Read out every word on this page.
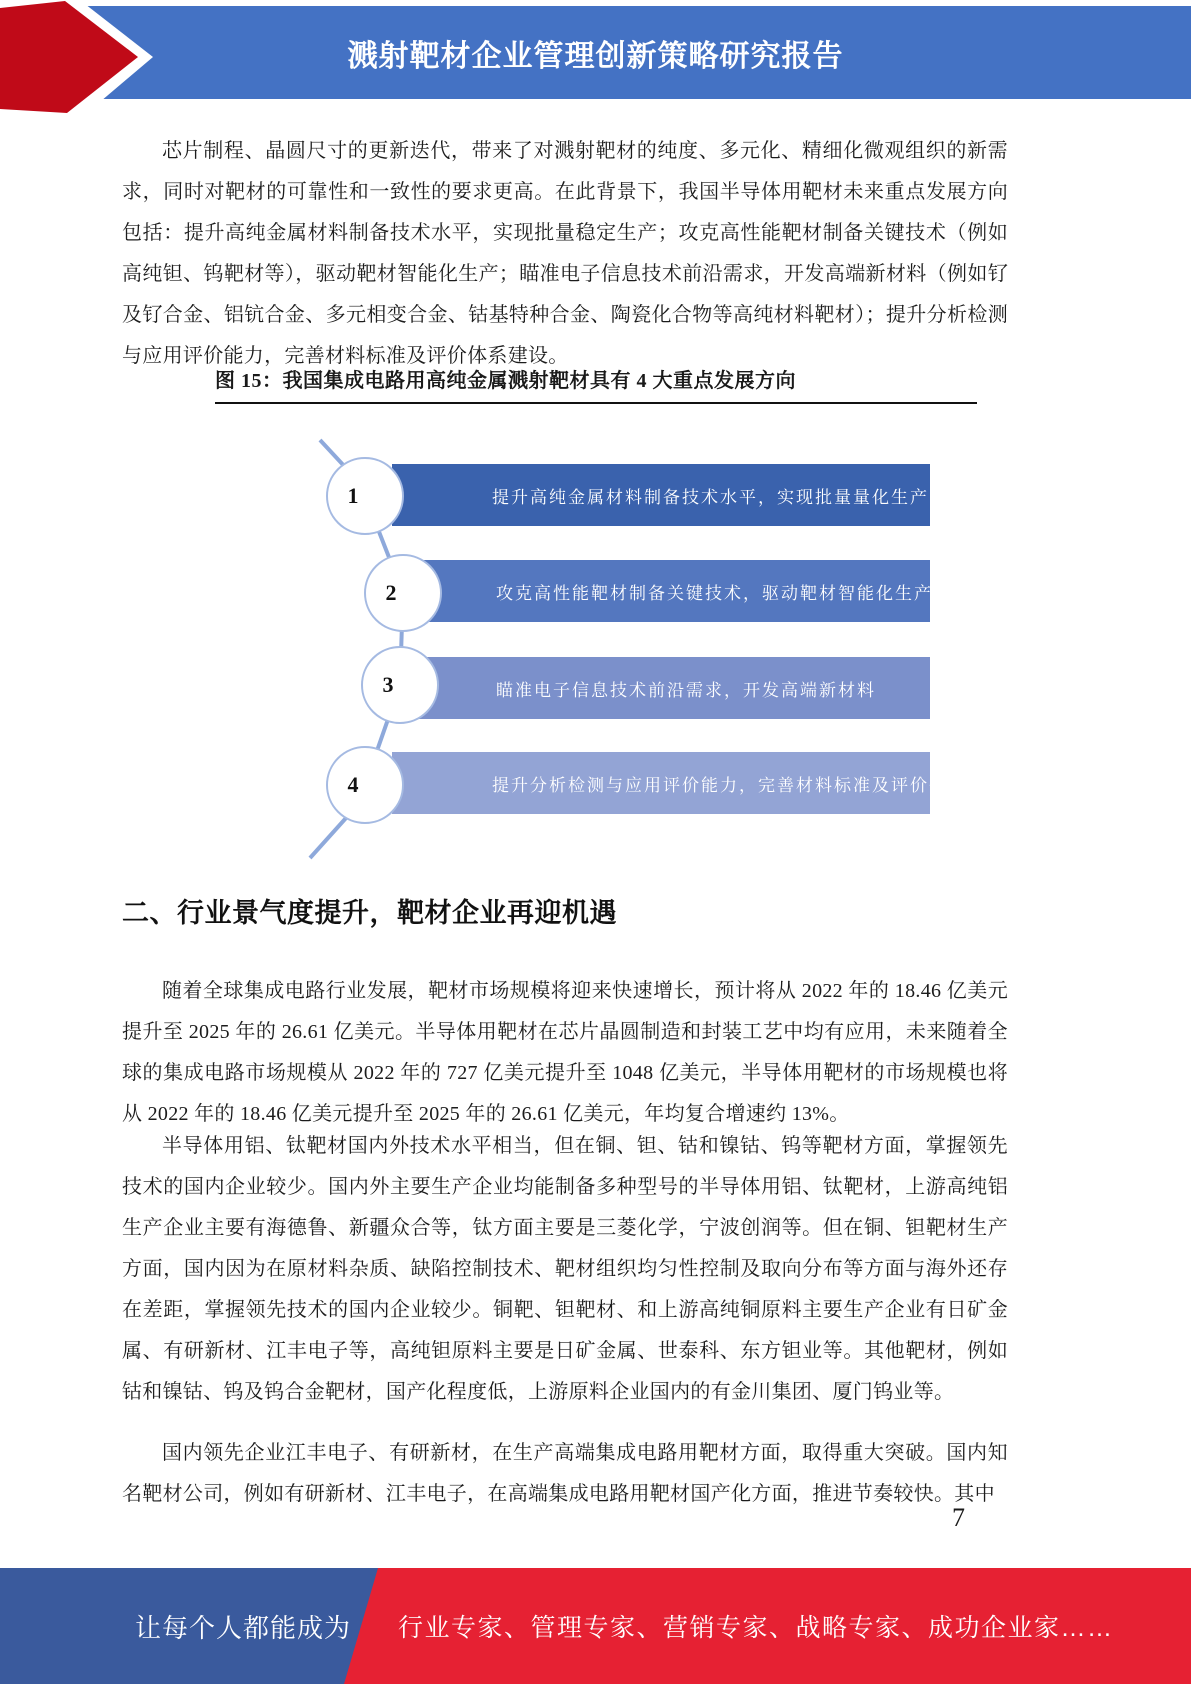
溅射靶材企业管理创新策略研究报告
芯片制程、晶圆尺寸的更新迭代，带来了对溅射靶材的纯度、多元化、精细化微观组织的新需求，同时对靶材的可靠性和一致性的要求更高。在此背景下，我国半导体用靶材未来重点发展方向包括：提升高纯金属材料制备技术水平，实现批量稳定生产；攻克高性能靶材制备关键技术（例如高纯钽、钨靶材等），驱动靶材智能化生产；瞄准电子信息技术前沿需求，开发高端新材料（例如钌及钌合金、铝钪合金、多元相变合金、钴基特种合金、陶瓷化合物等高纯材料靶材）；提升分析检测与应用评价能力，完善材料标准及评价体系建设。
图 15：我国集成电路用高纯金属溅射靶材具有 4 大重点发展方向
提升高纯金属材料制备技术水平，实现批量量化生产
攻克高性能靶材制备关键技术，驱动靶材智能化生产
瞄准电子信息技术前沿需求，开发高端新材料
提升分析检测与应用评价能力，完善材料标准及评价体系建设
1
2
3
4
二、行业景气度提升，靶材企业再迎机遇
随着全球集成电路行业发展，靶材市场规模将迎来快速增长，预计将从 2022 年的 18.46 亿美元提升至 2025 年的 26.61 亿美元。半导体用靶材在芯片晶圆制造和封装工艺中均有应用，未来随着全球的集成电路市场规模从 2022 年的 727 亿美元提升至 1048 亿美元，半导体用靶材的市场规模也将从 2022 年的 18.46 亿美元提升至 2025 年的 26.61 亿美元，年均复合增速约 13%。
半导体用铝、钛靶材国内外技术水平相当，但在铜、钽、钴和镍钴、钨等靶材方面，掌握领先技术的国内企业较少。国内外主要生产企业均能制备多种型号的半导体用铝、钛靶材，上游高纯铝生产企业主要有海德鲁、新疆众合等，钛方面主要是三菱化学，宁波创润等。但在铜、钽靶材生产方面，国内因为在原材料杂质、缺陷控制技术、靶材组织均匀性控制及取向分布等方面与海外还存在差距，掌握领先技术的国内企业较少。铜靶、钽靶材、和上游高纯铜原料主要生产企业有日矿金属、有研新材、江丰电子等，高纯钽原料主要是日矿金属、世泰科、东方钽业等。其他靶材，例如钴和镍钴、钨及钨合金靶材，国产化程度低，上游原料企业国内的有金川集团、厦门钨业等。
国内领先企业江丰电子、有研新材，在生产高端集成电路用靶材方面，取得重大突破。国内知名靶材公司，例如有研新材、江丰电子，在高端集成电路用靶材国产化方面，推进节奏较快。其中
7
让每个人都能成为	行业专家、管理专家、营销专家、战略专家、成功企业家……
